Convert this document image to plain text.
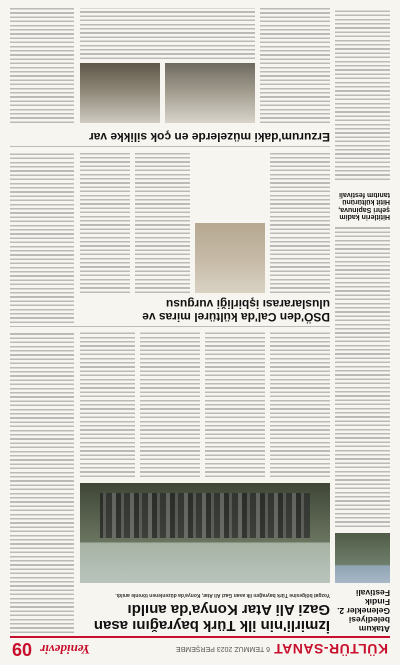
KÜLTÜR-SANAT
6 TEMMUZ 2023 PERŞEMBE
Yenidevir
09
İzmirli'nin ilk Türk bayrağını asan Gazi Ali Atar Konya'da anıldı
Yozgat bölgesine Türk bayrağını ilk asan Gazi Ali Atar, Konya'da düzenlenen törenle anıldı.
Atakum belediyesi Gelenekler 2. Fındık Festivali
DSÖ'den Cal'da kültürel miras ve uluslararası işbirliği vurgusu
Hititlerin kadim şehri Sapinuva, Hitit kültürünü tanıtım festivali
Erzurum'daki müzelerde en çok silikke var
